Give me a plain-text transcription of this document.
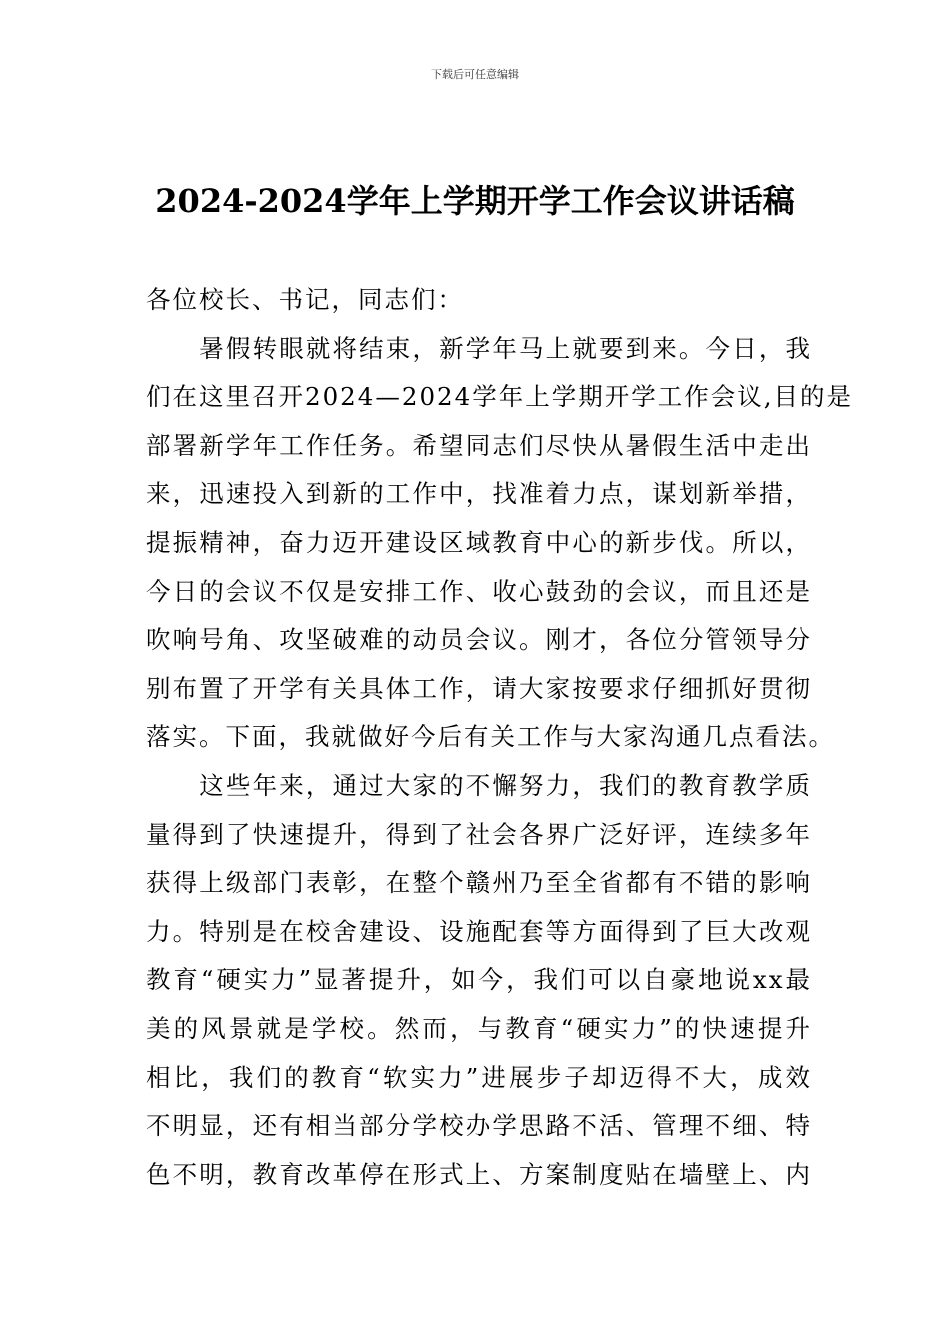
下载后可任意编辑
2024-2024学年上学期开学工作会议讲话稿
各位校长、书记，同志们：
　　暑假转眼就将结束，新学年马上就要到来。今日，我
们在这里召开2024—2024学年上学期开学工作会议,目的是
部署新学年工作任务。希望同志们尽快从暑假生活中走出
来，迅速投入到新的工作中，找准着力点，谋划新举措，
提振精神，奋力迈开建设区域教育中心的新步伐。所以，
今日的会议不仅是安排工作、收心鼓劲的会议，而且还是
吹响号角、攻坚破难的动员会议。刚才，各位分管领导分
别布置了开学有关具体工作，请大家按要求仔细抓好贯彻
落实。下面，我就做好今后有关工作与大家沟通几点看法。
　　这些年来，通过大家的不懈努力，我们的教育教学质
量得到了快速提升，得到了社会各界广泛好评，连续多年
获得上级部门表彰，在整个赣州乃至全省都有不错的影响
力。特别是在校舍建设、设施配套等方面得到了巨大改观
教育“硬实力”显著提升，如今，我们可以自豪地说xx最
美的风景就是学校。然而，与教育“硬实力”的快速提升
相比，我们的教育“软实力”进展步子却迈得不大，成效
不明显，还有相当部分学校办学思路不活、管理不细、特
色不明，教育改革停在形式上、方案制度贴在墙壁上、内
